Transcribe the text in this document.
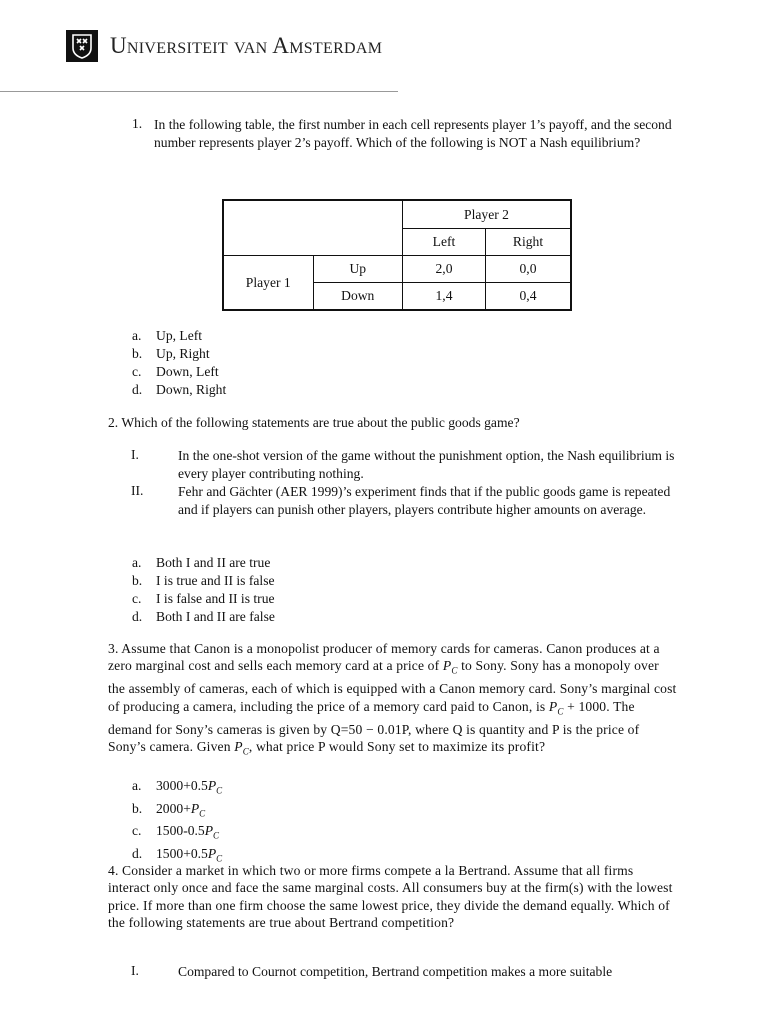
Universiteit van Amsterdam
1. In the following table, the first number in each cell represents player 1’s payoff, and the second number represents player 2’s payoff. Which of the following is NOT a Nash equilibrium?
		Player 2	
		Left	Right
Player 1	Up	2,0	0,0
	Down	1,4	0,4
a. Up, Left
b. Up, Right
c. Down, Left
d. Down, Right
2. Which of the following statements are true about the public goods game?
I.	In the one-shot version of the game without the punishment option, the Nash equilibrium is every player contributing nothing.
II.	Fehr and Gächter (AER 1999)’s experiment finds that if the public goods game is repeated and if players can punish other players, players contribute higher amounts on average.
a. Both I and II are true
b. I is true and II is false
c. I is false and II is true
d. Both I and II are false
3. Assume that Canon is a monopolist producer of memory cards for cameras. Canon produces at a zero marginal cost and sells each memory card at a price of $P_C$ to Sony. Sony has a monopoly over the assembly of cameras, each of which is equipped with a Canon memory card. Sony’s marginal cost of producing a camera, including the price of a memory card paid to Canon, is $P_C + 1000$. The demand for Sony’s cameras is given by Q=50 − 0.01P, where Q is quantity and P is the price of Sony’s camera. Given $P_C$, what price P would Sony set to maximize its profit?
a. $3000+0.5P_C$
b. $2000+P_C$
c. $1500-0.5P_C$
d. $1500+0.5P_C$
4. Consider a market in which two or more firms compete a la Bertrand. Assume that all firms interact only once and face the same marginal costs. All consumers buy at the firm(s) with the lowest price. If more than one firm choose the same lowest price, they divide the demand equally. Which of the following statements are true about Bertrand competition?
I.	Compared to Cournot competition, Bertrand competition makes a more suitable
